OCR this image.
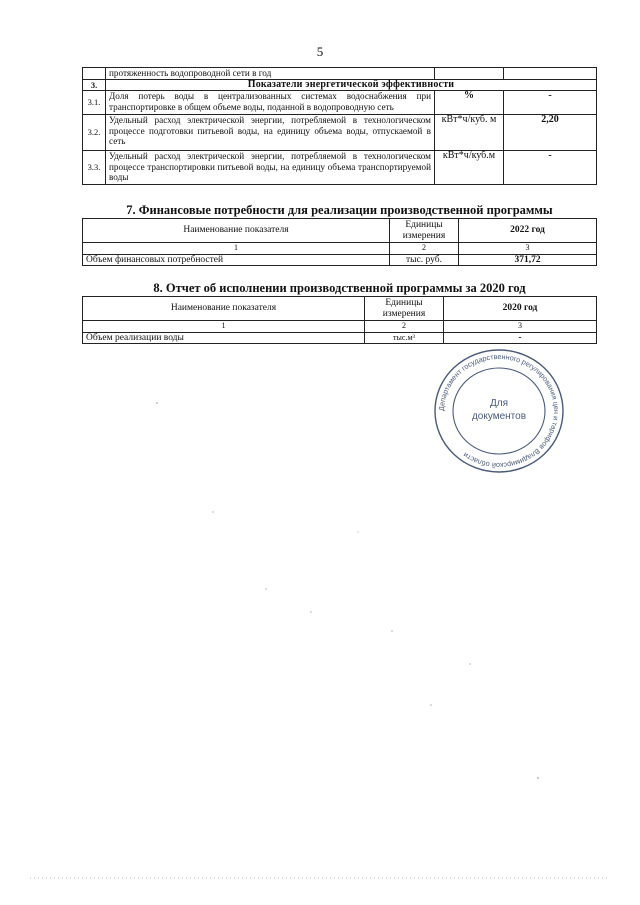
5
	протяженность водопроводной сети в год		
3.	Показатели энергетической эффективности		
3.1.	Доля потерь воды в централизованных системах водоснабжения при транспортировке в общем объеме воды, поданной в водопроводную сеть	%	-
3.2.	Удельный расход электрической энергии, потребляемой в технологическом процессе подготовки питьевой воды, на единицу объема воды, отпускаемой в сеть	кВт*ч/куб. м	2,20
3.3.	Удельный расход электрической энергии, потребляемой в технологическом процессе транспортировки питьевой воды, на единицу объема транспортируемой воды	кВт*ч/куб.м	-
7. Финансовые потребности для реализации производственной программы
Наименование показателя	Единицы измерения	2022 год
1	2	3
Объем финансовых потребностей	тыс. руб.	371,72
8. Отчет об исполнении производственной программы за 2020 год
Наименование показателя	Единицы измерения	2020 год
1	2	3
Объем реализации воды	тыс.м³	-
Департамент государственного регулирования цен и тарифов Владимирской области
Для
документов
